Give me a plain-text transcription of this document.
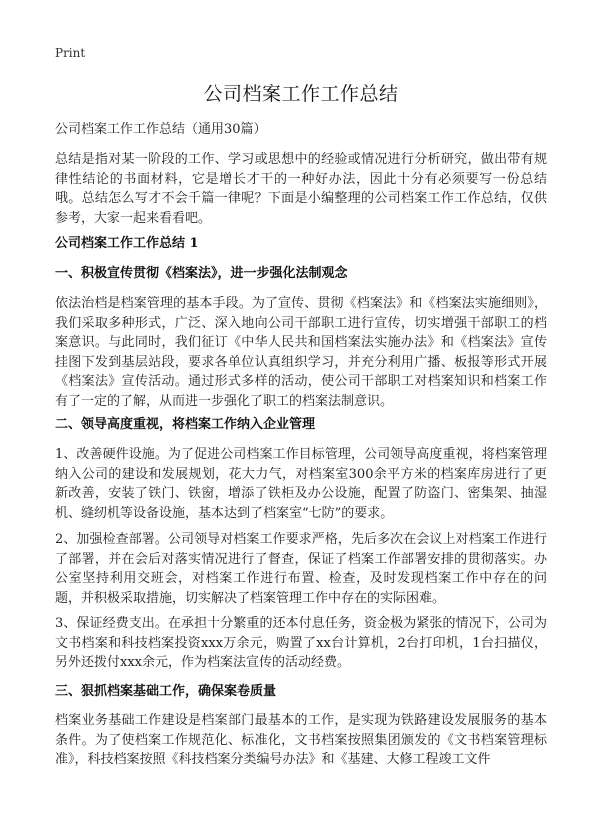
Print
公司档案工作工作总结

公司档案工作工作总结（通用30篇）

总结是指对某一阶段的工作、学习或思想中的经验或情况进行分析研究，做出带有规律性结论的书面材料，它是增长才干的一种好办法，因此十分有必须要写一份总结哦。总结怎么写才不会千篇一律呢？下面是小编整理的公司档案工作工作总结，仅供参考，大家一起来看看吧。

公司档案工作工作总结 1

一、积极宣传贯彻《档案法》，进一步强化法制观念

依法治档是档案管理的基本手段。为了宣传、贯彻《档案法》和《档案法实施细则》，我们采取多种形式，广泛、深入地向公司干部职工进行宣传，切实增强干部职工的档案意识。与此同时，我们征订《中华人民共和国档案法实施办法》和《档案法》宣传挂图下发到基层站段，要求各单位认真组织学习，并充分利用广播、板报等形式开展《档案法》宣传活动。通过形式多样的活动，使公司干部职工对档案知识和档案工作有了一定的了解，从而进一步强化了职工的档案法制意识。

二、领导高度重视，将档案工作纳入企业管理

1、改善硬件设施。为了促进公司档案工作目标管理，公司领导高度重视，将档案管理纳入公司的建设和发展规划，花大力气，对档案室300余平方米的档案库房进行了更新改善，安装了铁门、铁窗，增添了铁柜及办公设施，配置了防盗门、密集架、抽湿机、缝纫机等设备设施，基本达到了档案室“七防”的要求。

2、加强检查部署。公司领导对档案工作要求严格，先后多次在会议上对档案工作进行了部署，并在会后对落实情况进行了督查，保证了档案工作部署安排的贯彻落实。办公室坚持利用交班会，对档案工作进行布置、检查，及时发现档案工作中存在的问题，并积极采取措施，切实解决了档案管理工作中存在的实际困难。

3、保证经费支出。在承担十分繁重的还本付息任务，资金极为紧张的情况下，公司为文书档案和科技档案投资xxx万余元，购置了xx台计算机，2台打印机，1台扫描仪，另外还拨付xxx余元，作为档案法宣传的活动经费。

三、狠抓档案基础工作，确保案卷质量

档案业务基础工作建设是档案部门最基本的工作，是实现为铁路建设发展服务的基本条件。为了使档案工作规范化、标准化，文书档案按照集团颁发的《文书档案管理标准》，科技档案按照《科技档案分类编号办法》和《基建、大修工程竣工文件
